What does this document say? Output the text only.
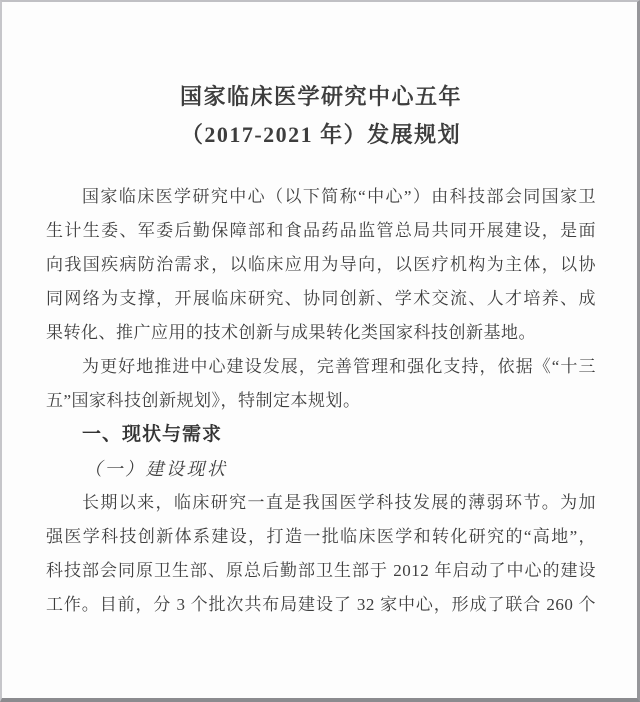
国家临床医学研究中心五年
（2017-2021 年）发展规划
国家临床医学研究中心（以下简称“中心”）由科技部会同国家卫
生计生委、军委后勤保障部和食品药品监管总局共同开展建设，是面
向我国疾病防治需求，以临床应用为导向，以医疗机构为主体，以协
同网络为支撑，开展临床研究、协同创新、学术交流、人才培养、成
果转化、推广应用的技术创新与成果转化类国家科技创新基地。
为更好地推进中心建设发展，完善管理和强化支持，依据《“十三
五”国家科技创新规划》，特制定本规划。
一、现状与需求
（一）建设现状
长期以来，临床研究一直是我国医学科技发展的薄弱环节。为加
强医学科技创新体系建设，打造一批临床医学和转化研究的“高地”，
科技部会同原卫生部、原总后勤部卫生部于 2012 年启动了中心的建设
工作。目前，分 3 个批次共布局建设了 32 家中心，形成了联合 260 个
